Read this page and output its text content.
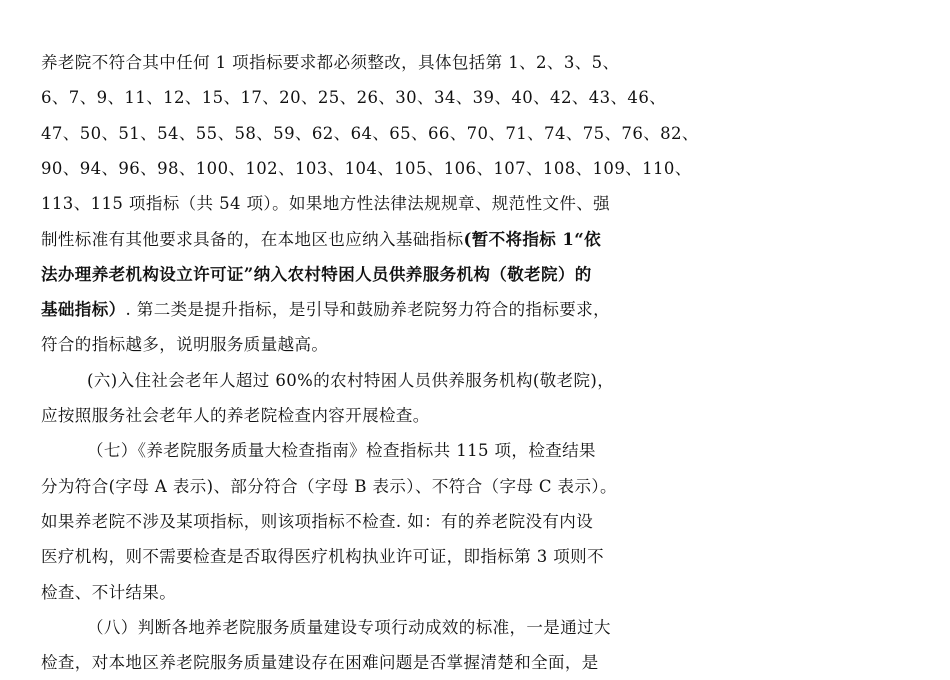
养老院不符合其中任何 1 项指标要求都必须整改，具体包括第 1、2、3、5、
6、7、9、11、12、15、17、20、25、26、30、34、39、40、42、43、46、
47、50、51、54、55、58、59、62、64、65、66、70、71、74、75、76、82、
90、94、96、98、100、102、103、104、105、106、107、108、109、110、
113、115 项指标（共 54 项）。如果地方性法律法规规章、规范性文件、强
制性标准有其他要求具备的，在本地区也应纳入基础指标(暂不将指标 1“依
法办理养老机构设立许可证”纳入农村特困人员供养服务机构（敬老院）的
基础指标）. 第二类是提升指标，是引导和鼓励养老院努力符合的指标要求，
符合的指标越多，说明服务质量越高。
(六)入住社会老年人超过 60%的农村特困人员供养服务机构(敬老院)，
应按照服务社会老年人的养老院检查内容开展检查。
（七）《养老院服务质量大检查指南》检查指标共 115 项，检查结果
分为符合(字母 A 表示)、部分符合（字母 B 表示）、不符合（字母 C 表示）。
如果养老院不涉及某项指标，则该项指标不检查. 如：有的养老院没有内设
医疗机构，则不需要检查是否取得医疗机构执业许可证，即指标第 3 项则不
检查、不计结果。
（八）判断各地养老院服务质量建设专项行动成效的标准，一是通过大
检查，对本地区养老院服务质量建设存在困难问题是否掌握清楚和全面，是
